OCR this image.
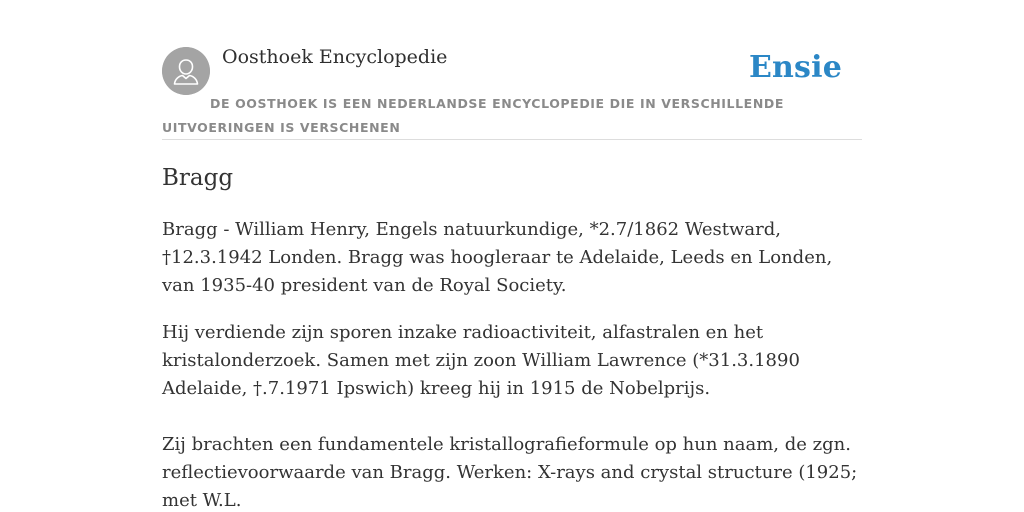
Oosthoek Encyclopedie	Ensie
DE OOSTHOEK IS EEN NEDERLANDSE ENCYCLOPEDIE DIE IN VERSCHILLENDE UITVOERINGEN IS VERSCHENEN
Bragg

Bragg - William Henry, Engels natuurkundige, *2.7/1862 Westward, †12.3.1942 Londen. Bragg was hoogleraar te Adelaide, Leeds en Londen, van 1935-40 president van de Royal Society.

Hij verdiende zijn sporen inzake radioactiviteit, alfastralen en het kristalonderzoek. Samen met zijn zoon William Lawrence (*31.3.1890 Adelaide, †.7.1971 Ipswich) kreeg hij in 1915 de Nobelprijs.

Zij brachten een fundamentele kristallografieformule op hun naam, de zgn. reflectievoorwaarde van Bragg. Werken: X-rays and crystal structure (1925; met W.L.
